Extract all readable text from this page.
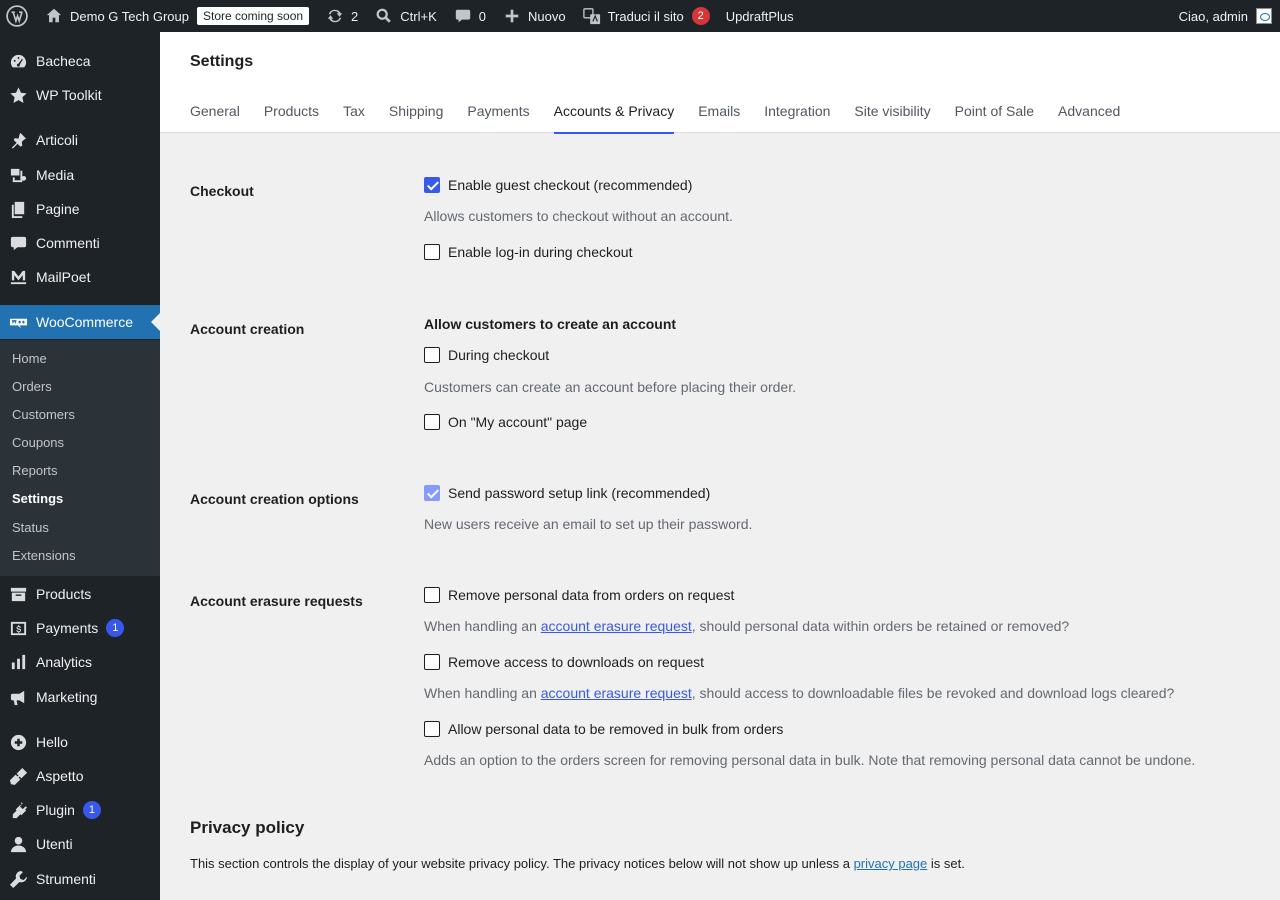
Demo G Tech Group	Store coming soon	2	Ctrl+K	0	Nuovo	Traduci il sito	2	UpdraftPlus	Ciao, admin
Bacheca
WP Toolkit
Articoli
Media
Pagine
Commenti
MailPoet
WooCommerce
Home
Orders
Customers
Coupons
Reports
Settings
Status
Extensions
Products
Payments	1
Analytics
Marketing
Hello
Aspetto
Plugin	1
Utenti
Strumenti
Settings
General Products Tax Shipping Payments Accounts & Privacy Emails Integration Site visibility Point of Sale Advanced
Checkout	Enable guest checkout (recommended)
Allows customers to checkout without an account.
Enable log-in during checkout
Account creation	Allow customers to create an account
During checkout
Customers can create an account before placing their order.
On "My account" page
Account creation options	Send password setup link (recommended)
New users receive an email to set up their password.
Account erasure requests	Remove personal data from orders on request
When handling an account erasure request, should personal data within orders be retained or removed?
Remove access to downloads on request
When handling an account erasure request, should access to downloadable files be revoked and download logs cleared?
Allow personal data to be removed in bulk from orders
Adds an option to the orders screen for removing personal data in bulk. Note that removing personal data cannot be undone.
Privacy policy
This section controls the display of your website privacy policy. The privacy notices below will not show up unless a privacy page is set.
